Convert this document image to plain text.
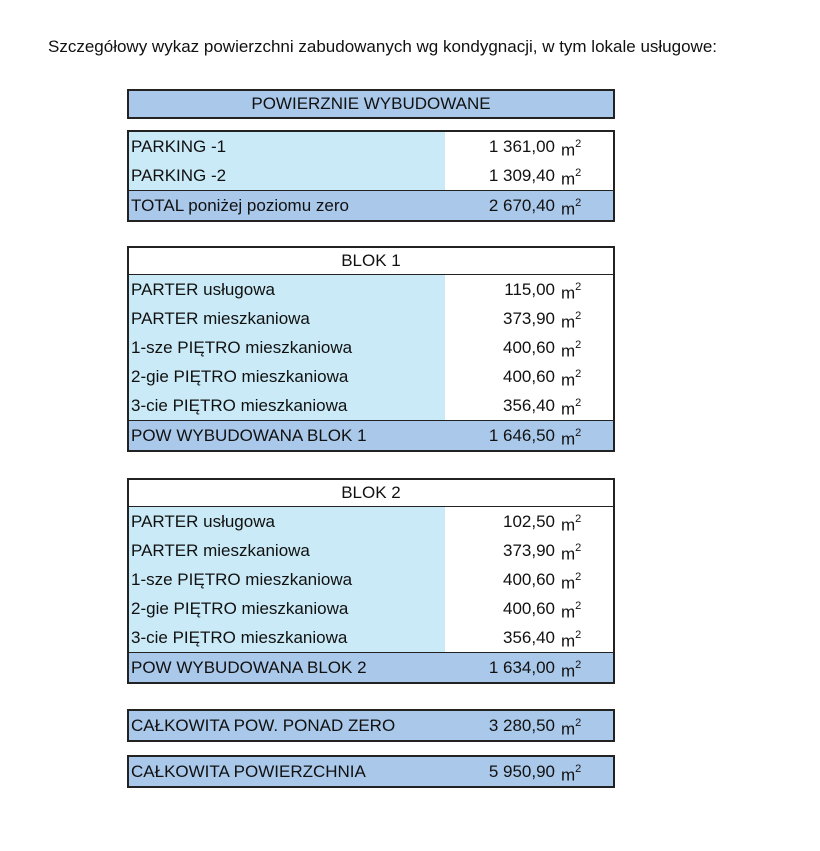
Szczegółowy wykaz powierzchni zabudowanych wg kondygnacji, w tym lokale usługowe:
POWIERZNIE WYBUDOWANE
PARKING -1	1 361,00 $m^2$
PARKING -2	1 309,40 $m^2$
TOTAL poniżej poziomu zero	2 670,40 $m^2$
BLOK 1
PARTER usługowa	115,00 $m^2$
PARTER mieszkaniowa	373,90 $m^2$
1-sze PIĘTRO mieszkaniowa	400,60 $m^2$
2-gie PIĘTRO mieszkaniowa	400,60 $m^2$
3-cie PIĘTRO mieszkaniowa	356,40 $m^2$
POW WYBUDOWANA BLOK 1	1 646,50 $m^2$
BLOK 2
PARTER usługowa	102,50 $m^2$
PARTER mieszkaniowa	373,90 $m^2$
1-sze PIĘTRO mieszkaniowa	400,60 $m^2$
2-gie PIĘTRO mieszkaniowa	400,60 $m^2$
3-cie PIĘTRO mieszkaniowa	356,40 $m^2$
POW WYBUDOWANA BLOK 2	1 634,00 $m^2$
CAŁKOWITA POW. PONAD ZERO	3 280,50 $m^2$
CAŁKOWITA POWIERZCHNIA	5 950,90 $m^2$
